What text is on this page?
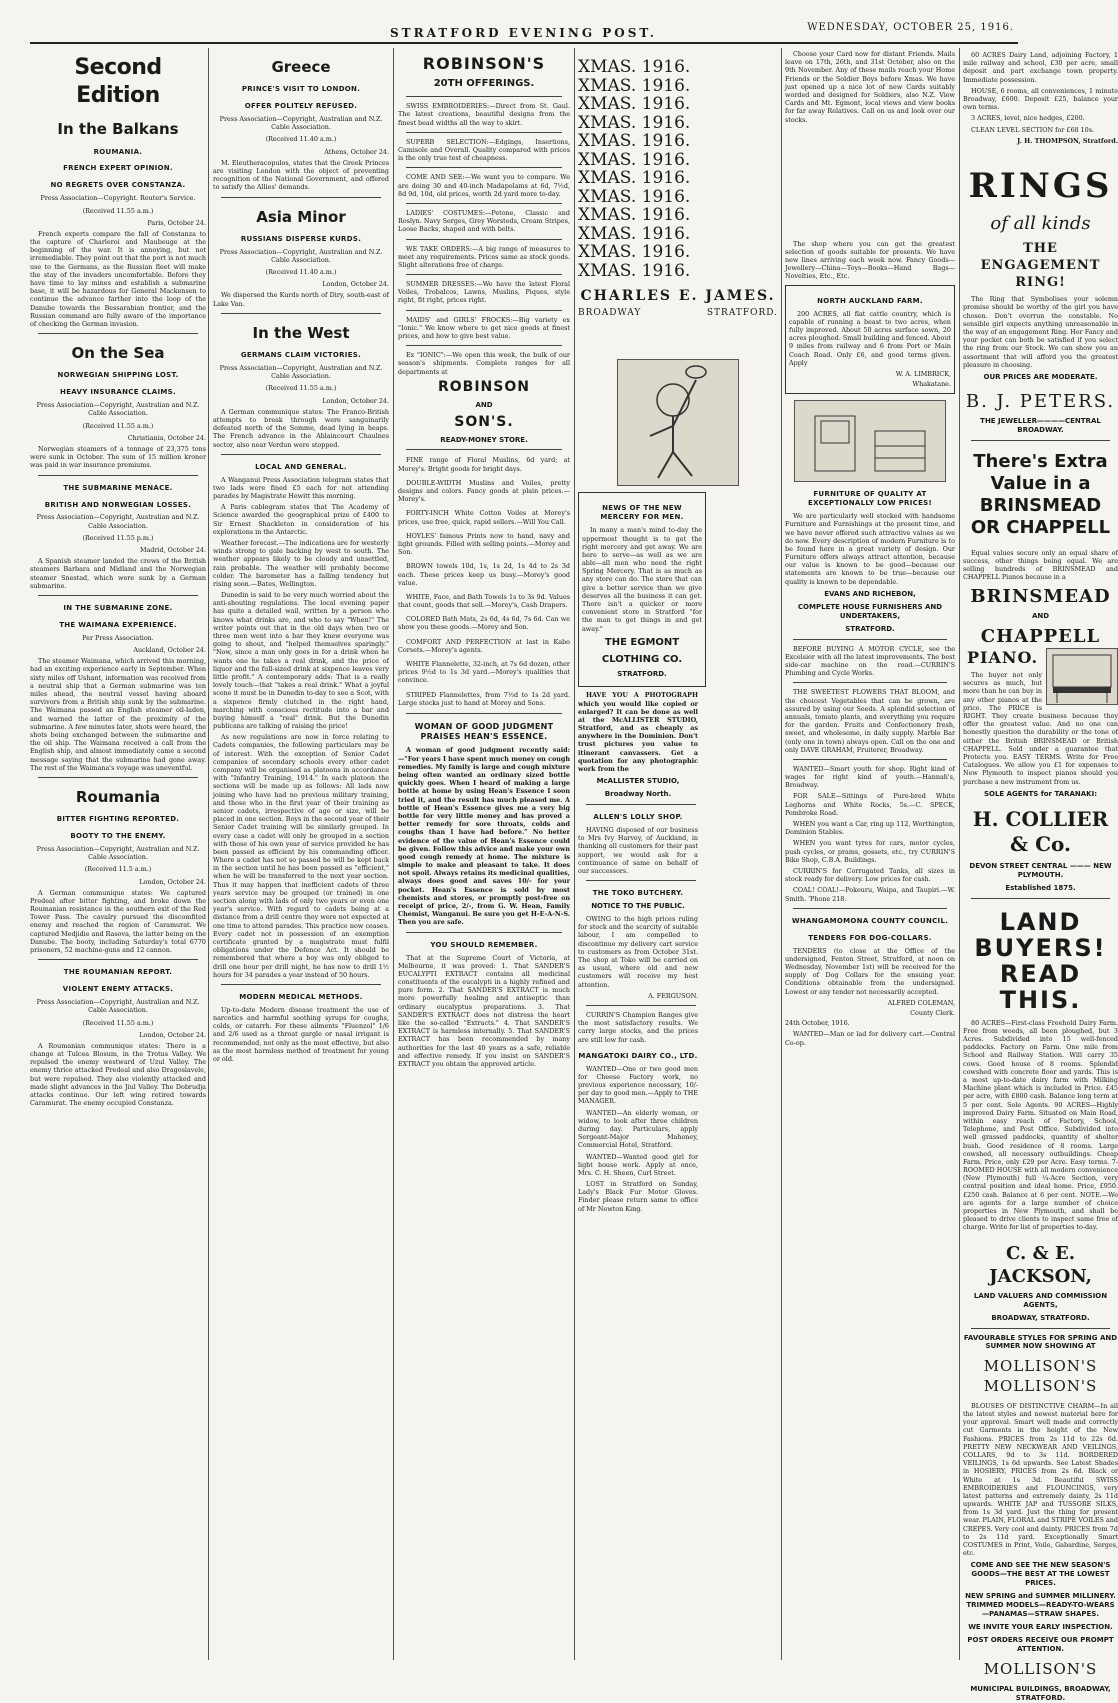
STRATFORD EVENING POST.	WEDNESDAY, OCTOBER 25, 1916.
Second Edition
In the Balkans
ROUMANIA.
FRENCH EXPERT OPINION.
NO REGRETS OVER CONSTANZA.
Press Association—Copyright. Reuter's Service.
(Received 11.55 a.m.)
Paris, October 24.

French experts compare the fall of Constanza to the capture of Charleroi and Maubeuge at the beginning of the war. It is annoying, but not irremediable. They point out that the port is not much use to the Germans, as the Russian fleet will make the stay of the invaders uncomfortable. Before they have time to lay mines and establish a submarine base, it will be hazardous for General Mackensen to continue the advance farther into the loop of the Danube towards the Bessarabian frontier, and the Russian command are fully aware of the importance of checking the German invasion.

On the Sea
NORWEGIAN SHIPPING LOST.
HEAVY INSURANCE CLAIMS.
Press Association—Copyright, Australian and N.Z. Cable Association.
(Received 11.55 a.m.)
Christiania, October 24.

Norwegian steamers of a tonnage of 23,375 tons were sunk in October. The sum of 15 million kroner was paid in war insurance premiums.

THE SUBMARINE MENACE.
BRITISH AND NORWEGIAN LOSSES.
Press Association—Copyright, Australian and N.Z. Cable Association.
(Received 11.55 p.m.)
Madrid, October 24.

A Spanish steamer landed the crews of the British steamers Barbara and Midland and the Norwegian steamer Snestad, which were sunk by a German submarine.

IN THE SUBMARINE ZONE.
THE WAIMANA EXPERIENCE.
Per Press Association.
Auckland, October 24.

The steamer Waimana, which arrived this morning, had an exciting experience early in September. When sixty miles off Ushant, information was received from a neutral ship that a German submarine was ten miles ahead, the neutral vessel having aboard survivors from a British ship sunk by the submarine. The Waimana passed an English steamer oil-laden, and warned the latter of the proximity of the submarine. A few minutes later, shots were heard, the shots being exchanged between the submarine and the oil ship. The Waimana received a call from the English ship, and almost immediately came a second message saying that the submarine had gone away. The rest of the Waimana's voyage was uneventful.

Roumania
BITTER FIGHTING REPORTED.
BOOTY TO THE ENEMY.
Press Association—Copyright, Australian and N.Z. Cable Association.
(Received 11.5 a.m.)
London, October 24.

A German communique states: We captured Predeal after bitter fighting, and broke down the Roumanian resistance in the southern exit of the Red Tower Pass. The cavalry pursued the discomfited enemy and reached the region of Caramurat. We captured Medjidie and Rasova, the latter being on the Danube. The booty, including Saturday's total 6770 prisoners, 52 machine-guns and 12 cannon.

THE ROUMANIAN REPORT.
VIOLENT ENEMY ATTACKS.
Press Association—Copyright, Australian and N.Z. Cable Association.
(Received 11.55 a.m.)
London, October 24.

A Roumanian communique states: There is a change at Tulcea Blosum, in the Trotus Valley. We repulsed the enemy westward of Uzul Valley. The enemy thrice attacked Predeal and also Dragoslavele, but were repulsed. They also violently attacked and made slight advances in the Jiul Valley. The Dobrudja attacks continue. Our left wing retired towards Caramurat. The enemy occupied Constanza.

Greece
PRINCE'S VISIT TO LONDON.
OFFER POLITELY REFUSED.
Press Association—Copyright, Australian and N.Z. Cable Association.
(Received 11.40 a.m.)
Athens, October 24.

M. Eleutheracopulos, states that the Greek Princes are visiting London with the object of preventing recognition of the National Government, and offered to satisfy the Allies' demands.

Asia Minor
RUSSIANS DISPERSE KURDS.
Press Association—Copyright, Australian and N.Z. Cable Association.
(Received 11.40 a.m.)
London, October 24.

We dispersed the Kurds north of Diry, south-east of Lake Van.

In the West
GERMANS CLAIM VICTORIES.
Press Association—Copyright, Australian and N.Z. Cable Association.
(Received 11.55 a.m.)
London, October 24.

A German communique states: The Franco-British attempts to break through were sanguinarily defeated north of the Somme, dead lying in heaps. The French advance in the Ablaincourt Chaulnes sector, also near Verdun were stopped.

LOCAL AND GENERAL.

A Wanganui Press Association telegram states that two lads were fined £5 each for not attending parades by Magistrate Hewitt this morning.

A Paris cablegram states that The Academy of Science awarded the geographical prize of £400 to Sir Ernest Shackleton in consideration of his explorations in the Antarctic.

Weather forecast.—The indications are for westerly winds strong to gale backing by west to south. The weather appears likely to be cloudy and unsettled, rain probable. The weather will probably become colder. The barometer has a falling tendency but rising soon.—Bates, Wellington.

Dunedin is said to be very much worried about the anti-shouting regulations. The local evening paper has quite a detailed wail, written by a person who knows what drinks are, and who to say "When!" The writer points out that in the old days when two or three men went into a bar they knew everyone was going to shout, and "helped themselves sparingly." "Now, since a man only goes in for a drink when he wants one he takes a real drink, and the price of liquor and the full-sized drink at sixpence leaves very little profit." A contemporary adds: That is a really lovely touch—that "takes a real drink." What a joyful scene it must be in Dunedin to-day to see a Scot, with a sixpence firmly clutched in the right hand, marching with conscious rectitude into a bar and buying himself a "real" drink. But the Dunedin publicans are talking of raising the price!

As new regulations are now in force relating to Cadets companies, the following particulars may be of interest. With the exception of Senior Cadet companies of secondary schools every other cadet company will be organised as platoons in accordance with "Infantry Training, 1914." In each platoon the sections will be made up as follows: All lads now joining who have had no previous military training, and those who in the first year of their training as senior cadets, irrespective of age or size, will be placed in one section. Boys in the second year of their Senior Cadet training will be similarly grouped. In every case a cadet will only be grouped in a section with those of his own year of service provided he has been passed as efficient by his commanding officer. Where a cadet has not so passed he will be kept back in the section until he has been passed as "efficient," when he will be transferred to the next year section. Thus it may happen that inefficient cadets of three years service may be grouped (or trained) in one section along with lads of only two years or even one year's service. With regard to cadets being at a distance from a drill centre they were not expected at one time to attend parades. This practice now ceases. Every cadet not in possession of an exemption certificate granted by a magistrate must fulfil obligations under the Defence Act. It should be remembered that where a boy was only obliged to drill one hour per drill night, he has now to drill 1½ hours for 34 parades a year instead of 50 hours.

MODERN MEDICAL METHODS.

Up-to-date Modern disease treatment the use of narcotics and harmful soothing syrups for coughs, colds, or catarrh. For these ailments "Fluenzol" 1/6 and 2/6 used as a throat gargle or nasal irrigant is recommended, not only as the most effective, but also as the most harmless method of treatment for young or old.

ROBINSON'S
20TH OFFERINGS.

SWISS EMBROIDERIES:—Direct from St. Gaul. The latest creations, beautiful designs from the finest bead widths all the way to skirt.

SUPERB SELECTION:—Edgings, Insertions, Camisole and Overall. Quality compared with prices is the only true test of cheapness.

COME AND SEE:—We want you to compare. We are doing 30 and 40-inch Madapolams at 6d, 7½d, 8d 9d, 10d, old prices, worth 2d yard more to-day.

LADIES' COSTUMES:—Petone, Classic and Roslyn. Navy Serges, Grey Worsteds, Cream Stripes, Loose Backs, shaped and with belts.

WE TAKE ORDERS:—A big range of measures to meet any requirements. Prices same as stock goods. Slight alterations free of charge.

SUMMER DRESSES:—We have the latest Floral Voiles, Trobalcos, Lawns, Muslins, Piques, style right, fit right, prices right.

MAIDS' and GIRLS' FROCKS:—Big variety ex "Ionic." We know where to get nice goods at finest prices, and how to give best value.

Ex "IONIC":—We open this week, the bulk of our season's shipments. Complete ranges for all departments at

ROBINSON
AND
SON'S.
READY-MONEY STORE.

FINE range of Floral Muslins, 6d yard; at Morey's. Bright goods for bright days.

DOUBLE-WIDTH Muslins and Voiles, pretty designs and colors. Fancy goods at plain prices.—Morey's.

FORTY-INCH White Cotton Voiles at Morey's prices, use free, quick, rapid sellers.—Will You Call.

HOYLES' famous Prints now to hand, navy and light grounds. Filled with selling points.—Morey and Son.

BROWN towels 10d, 1s, 1s 2d, 1s 4d to 2s 3d each. These prices keep us busy.—Morey's good value.

WHITE, Face, and Bath Towels 1s to 3s 9d. Values that count, goods that sell.—Morey's, Cash Drapers.

COLORED Bath Mats, 2s 6d, 4s 6d, 7s 6d. Can we show you these goods.—Morey and Son.

COMFORT AND PERFECTION at last in Kabo Corsets.—Morey's agents.

WHITE Flannelette, 32-inch, at 7s 6d dozen, other prices 9½d to 1s 3d yard.—Morey's qualities that convince.

STRIPED Flannelettes, from 7½d to 1s 2d yard. Large stocks just to hand at Morey and Sons.

WOMAN OF GOOD JUDGMENT PRAISES HEAN'S ESSENCE.

A woman of good judgment recently said:—"For years I have spent much money on cough remedies. My family is large and cough mixture being often wanted an ordinary sized bottle quickly goes. When I heard of making a large bottle at home by using Hean's Essence I soon tried it, and the result has much pleased me. A bottle of Hean's Essence gives me a very big bottle for very little money and has proved a better remedy for sore throats, colds and coughs than I have had before." No better evidence of the value of Hean's Essence could be given. Follow this advice and make your own good cough remedy at home. The mixture is simple to make and pleasant to take. It does not spoil. Always retains its medicinal qualities, always does good and saves 10/- for your pocket. Hean's Essence is sold by most chemists and stores, or promptly post-free on receipt of price, 2/-, from G. W. Hean, Family Chemist, Wanganui. Be sure you get H-E-A-N-S. Then you are safe.

YOU SHOULD REMEMBER.

That at the Supreme Court of Victoria, at Melbourne, it was proved: 1. That SANDER'S EUCALYPTI EXTRACT contains all medicinal constituents of the eucalypti in a highly refined and pure form. 2. That SANDER'S EXTRACT is much more powerfully healing and antiseptic than ordinary eucalyptus preparations. 3. That SANDER'S EXTRACT does not distress the heart like the so-called "Extracts." 4. That SANDER'S EXTRACT is harmless internally. 5. That SANDER'S EXTRACT has been recommended by many authorities for the last 40 years as a safe, reliable and effective remedy. If you insist on SANDER'S EXTRACT you obtain the approved article.

XMAS. 1916.
XMAS. 1916.
XMAS. 1916.
XMAS. 1916.
XMAS. 1916.
XMAS. 1916.
XMAS. 1916.
XMAS. 1916.
XMAS. 1916.
XMAS. 1916.
XMAS. 1916.
XMAS. 1916.
CHARLES E. JAMES.
BROADWAY	STRATFORD.
NEWS OF THE NEW MERCERY FOR MEN.

In many a man's mind to-day the uppermost thought is to get the right mercery and get away. We are here to serve—as well as we are able—all men who need the right Spring Mercery. That is as much as any store can do. The store that can give a better service than we give deserves all the business it can get. There isn't a quicker or more convenient store in Stratford "for the man to get things in and get away."

THE EGMONT
CLOTHING CO.
STRATFORD.

HAVE YOU A PHOTOGRAPH which you would like copied or enlarged? It can be done as well at the McALLISTER STUDIO, Stratford, and as cheaply as anywhere in the Dominion. Don't trust pictures you value to itinerant canvassers. Get a quotation for any photographic work from the

McALLISTER STUDIO,
Broadway North.
ALLEN'S LOLLY SHOP.

HAVING disposed of our business to Mrs Ivy Harvey, of Auckland, in thanking all customers for their past support, we would ask for a continuance of same on behalf of our successors.

THE TOKO BUTCHERY.
NOTICE TO THE PUBLIC.

OWING to the high prices ruling for stock and the scarcity of suitable labour, I am compelled to discontinue my delivery cart service to customers as from October 31st. The shop at Toko will be carried on as usual, where old and new customers will receive my best attention.

A. FERGUSON.

CURRIN'S Champion Ranges give the most satisfactory results. We carry large stocks, and the prices are still low for cash.

MANGATOKI DAIRY CO., LTD.

WANTED—One or two good men for Cheese Factory work, no previous experience necessary, 10/- per day to good men.—Apply to THE MANAGER.

WANTED—An elderly woman, or widow, to look after three children during day. Particulars, apply Sergeant-Major Mahoney, Commercial Hotel, Stratford.

WANTED—Wanted good girl for light house work. Apply at once, Mrs. C. H. Sheen, Curl Street.

LOST in Stratford on Sunday, Lady's Black Fur Motor Gloves. Finder please return same to office of Mr Newton King.

Choose your Card now for distant Friends. Mails leave on 17th, 26th, and 31st October, also on the 9th November. Any of these mails reach your Home Friends or the Soldier Boys before Xmas. We have just opened up a nice lot of new Cards suitably worded and designed for Soldiers, also N.Z. View Cards and Mt. Egmont, local views and view books for far away Relatives. Call on us and look over our stocks.

The shop where you can get the greatest selection of goods suitable for presents. We have new lines arriving each week now. Fancy Goods—Jewellery—China—Toys—Books—Hand Bags—Novelties, Etc., Etc.

NORTH AUCKLAND FARM.

200 ACRES, all flat cattle country, which is capable of running a beast to two acres, when fully improved. About 50 acres surface sown, 20 acres ploughed. Small building and fenced. About 9 miles from railway and 6 from Port or Main Coach Road. Only £6, and good terms given. Apply

W. A. LIMBRICK,
Whakatane.
FURNITURE OF QUALITY AT EXCEPTIONALLY LOW PRICES!

We are particularly well stocked with handsome Furniture and Furnishings at the present time, and we have never offered such attractive values as we do now. Every description of modern Furniture is to be found here in a great variety of design. Our Furniture offers always attract attention, because our value is known to be good—because our statements are known to be true—because our quality is known to be dependable.

EVANS AND RICHEBON,
COMPLETE HOUSE FURNISHERS AND UNDERTAKERS,
STRATFORD.

BEFORE BUYING A MOTOR CYCLE, see the Excelsior with all the latest improvements. The best side-car machine on the road.—CURRIN'S Plumbing and Cycle Works.

THE SWEETEST FLOWERS THAT BLOOM, and the choicest Vegetables that can be grown, are assured by using our Seeds. A splendid selection of annuals, tomato plants, and everything you require for the garden. Fruits and Confectionery fresh, sweet, and wholesome, in daily supply. Marble Bar (only one in town) always open. Call on the one and only DAVE GRAHAM, Fruiterer, Broadway.

WANTED—Smart youth for shop. Right kind of wages for right kind of youth.—Hannah's, Broadway.

FOR SALE—Sittings of Pure-bred White Leghorns and White Rocks, 5s.—C. SPECK, Pembroke Road.

WHEN you want a Car, ring up 112, Worthington, Dominion Stables.

WHEN you want tyres for cars, motor cycles, push cycles, or prams, gossets, etc., try CURRIN'S Bike Shop, C.B.A. Buildings.

CURRIN'S for Corrugated Tanks, all sizes in stock ready for delivery. Low prices for cash.

COAL! COAL!—Pokeuru, Waipa, and Taupiri.—W. Smith. 'Phone 218.

WHANGAMOMONA COUNTY COUNCIL.
TENDERS FOR DOG-COLLARS.

TENDERS (to close at the Office of the undersigned, Fenton Street, Stratford, at noon on Wednesday, November 1st) will be received for the supply of Dog Collars for the ensuing year. Conditions obtainable from the undersigned. Lowest or any tender not necessarily accepted.

ALFRED COLEMAN,
County Clerk.
24th October, 1916.

WANTED—Man or lad for delivery cart.—Central Co-op.

60 ACRES Dairy Land, adjoining Factory, 1 mile railway and school, £30 per acre, small deposit and part exchange town property. Immediate possession.

HOUSE, 6 rooms, all conveniences, 1 minute Broadway, £600. Deposit £25, balance your own terms.

3 ACRES, level, nice hedges, £200.

CLEAN LEVEL SECTION for £68 10s.

J. H. THOMPSON, Stratford.
RINGS
of all kinds
THE ENGAGEMENT RING!

The Ring that Symbolises your solemn promise should be worthy of the girl you have chosen. Don't overrun the constable. No sensible girl expects anything unreasonable in the way of an engagement Ring. Her Fancy and your pocket can both be satisfied if you select the ring from our Stock. We can show you an assortment that will afford you the greatest pleasure in choosing.

OUR PRICES ARE MODERATE.
B. J. PETERS.
THE JEWELLER————CENTRAL BROADWAY.
There's Extra Value in a
BRINSMEAD OR CHAPPELL

Equal values secure only an equal share of success, other things being equal. We are selling hundreds of BRINSMEAD and CHAPPELL Pianos because in a

BRINSMEAD
AND
CHAPPELL
PIANO.

The buyer not only secures as much, but more than he can buy in any other pianos at the price. The PRICE is RIGHT. They create business because they offer the greatest value. And no one can honestly question the durability or the tone of either the British BRINSMEAD or British CHAPPELL. Sold under a guarantee that Protects you. EASY TERMS. Write for Free Catalogues. We allow you £1 for expenses to New Plymouth to inspect pianos should you purchase a new instrument from us.

SOLE AGENTS for TARANAKI:
H. COLLIER & Co.
DEVON STREET CENTRAL ——— NEW PLYMOUTH.
Established 1875.
LAND BUYERS!
READ THIS.

80 ACRES—First-class Freehold Dairy Farm. Free from weeds, all been ploughed, but 3 Acres. Subdivided into 15 well-fenced paddocks. Factory on Farm. One mile from School and Railway Station. Will carry 35 cows. Good house of 8 rooms. Splendid cowshed with concrete floor and yards. This is a most up-to-date dairy farm with Milking Machine plant which is included in Price. £45 per acre, with £800 cash. Balance long term at 5 per cent. Sole Agents. 90 ACRES—Highly improved Dairy Farm. Situated on Main Road, within easy reach of Factory, School, Telephone, and Post Office. Subdivided into well grassed paddocks, quantity of shelter bush. Good residence of 8 rooms. Large cowshed, all necessary outbuildings. Cheap Farm. Price, only £29 per Acre. Easy terms. 7-ROOMED HOUSE with all modern convenience (New Plymouth) full ¼-Acre Section, very central position and ideal home. Price, £950. £250 cash. Balance at 6 per cent. NOTE.—We are agents for a large number of choice properties in New Plymouth, and shall be pleased to drive clients to inspect same free of charge. Write for list of properties to-day.

C. & E. JACKSON,
LAND VALUERS AND COMMISSION AGENTS,
BROADWAY, STRATFORD.
FAVOURABLE STYLES FOR SPRING AND SUMMER NOW SHOWING AT
MOLLISON'S MOLLISON'S

BLOUSES OF DISTINCTIVE CHARM—In all the latest styles and newest material here for your approval. Smart well made and correctly cut Garments in the height of the New Fashions. PRICES from 2s 11d to 22s 6d. PRETTY NEW NECKWEAR AND VEILINGS, COLLARS, 9d to 3s 11d. BORDERED VEILINGS, 1s 6d upwards. See Latest Shades in HOSIERY, PRICES from 2s 6d. Black or White at 1s 3d. Beautiful SWISS EMBROIDERIES and FLOUNCINGS, very latest patterns and extremely dainty, 2s 11d upwards. WHITE JAP and TUSSORE SILKS, from 1s 3d yard. Just the thing for present wear. PLAIN, FLORAL and STRIPE VOILES and CREPES. Very cool and dainty. PRICES from 7d to 2s 11d yard. Exceptionally Smart COSTUMES in Print, Voile, Gabardine, Serges, etc.

COME AND SEE THE NEW SEASON'S GOODS—THE BEST AT THE LOWEST PRICES.
NEW SPRING and SUMMER MILLINERY. TRIMMED MODELS—READY-TO-WEARS—PANAMAS—STRAW SHAPES.
WE INVITE YOUR EARLY INSPECTION.
POST ORDERS RECEIVE OUR PROMPT ATTENTION.
MOLLISON'S
MUNICIPAL BUILDINGS, BROADWAY, STRATFORD.
